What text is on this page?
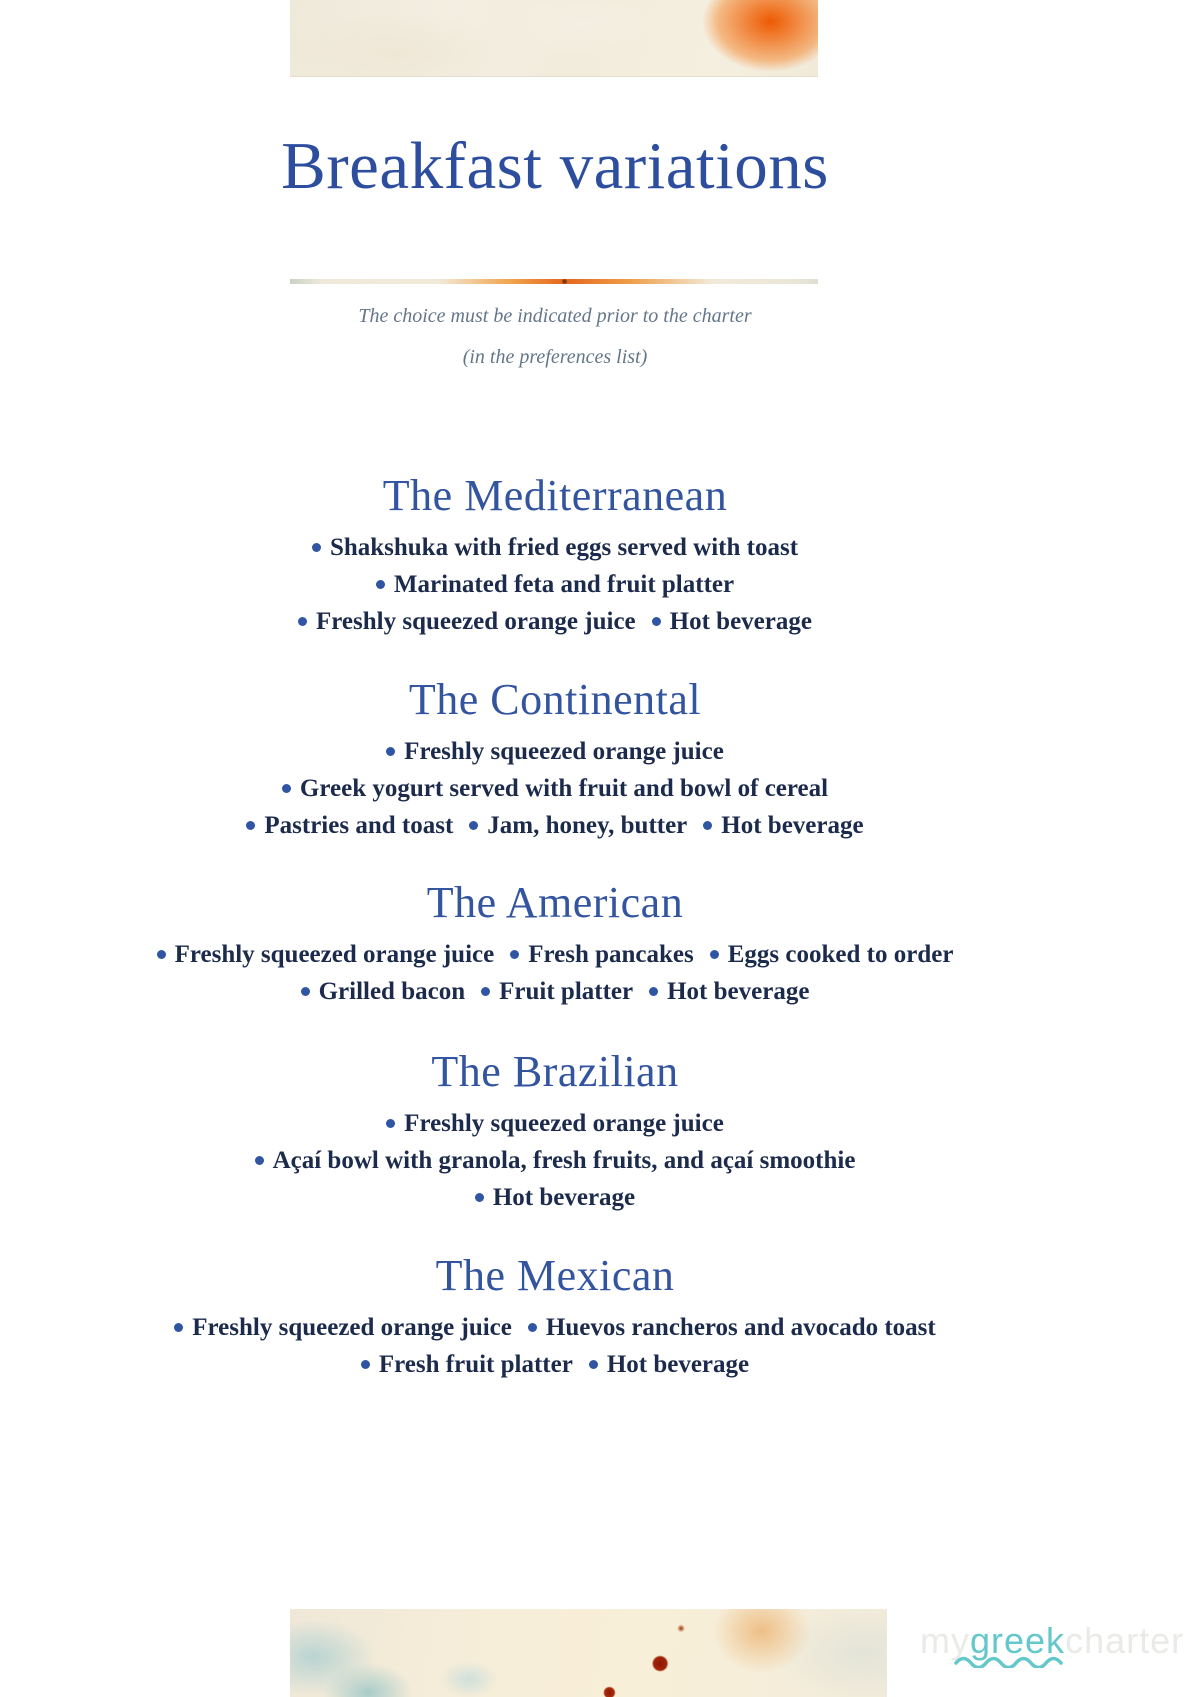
Breakfast variations
The choice must be indicated prior to the charter
(in the preferences list)
The Mediterranean

Shakshuka with fried eggs served with toast

Marinated feta and fruit platter

Freshly squeezed orange juice Hot beverage

The Continental

Freshly squeezed orange juice

Greek yogurt served with fruit and bowl of cereal

Pastries and toast Jam, honey, butter Hot beverage

The American

Freshly squeezed orange juice Fresh pancakes Eggs cooked to order

Grilled bacon Fruit platter Hot beverage

The Brazilian

Freshly squeezed orange juice

Açaí bowl with granola, fresh fruits, and açaí smoothie

Hot beverage

The Mexican

Freshly squeezed orange juice Huevos rancheros and avocado toast

Fresh fruit platter Hot beverage

mygreekcharter
